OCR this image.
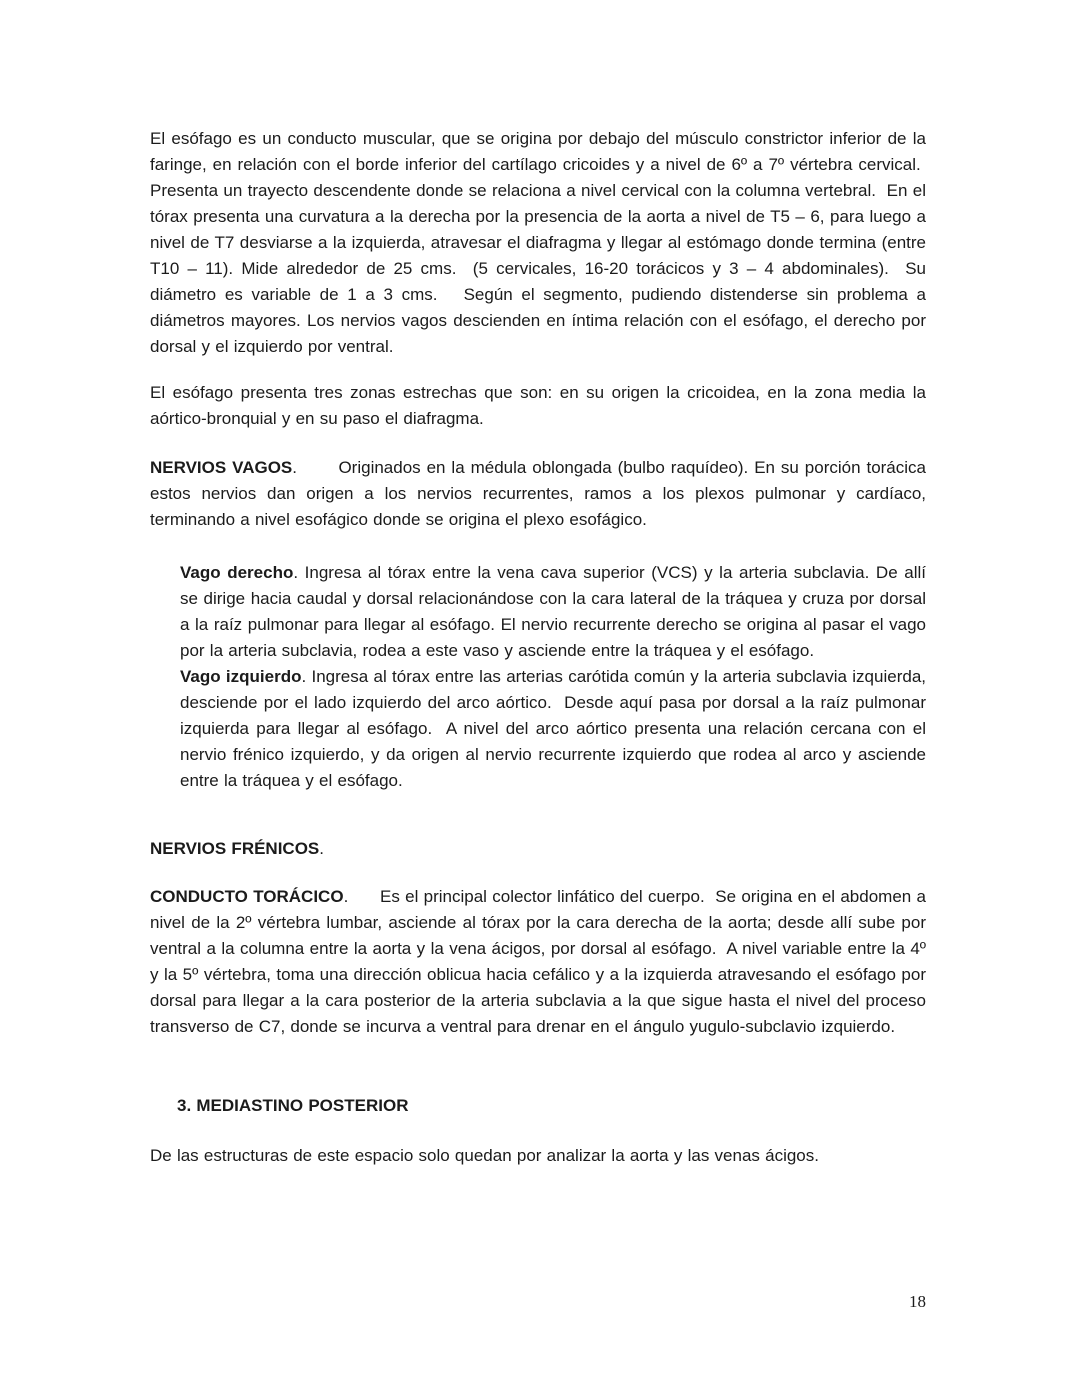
El esófago es un conducto muscular, que se origina por debajo del músculo constrictor inferior de la faringe, en relación con el borde inferior del cartílago cricoides y a nivel de 6º a 7º vértebra cervical.  Presenta un trayecto descendente donde se relaciona a nivel cervical con la columna vertebral.  En el tórax presenta una curvatura a la derecha por la presencia de la aorta a nivel de T5 – 6, para luego a nivel de T7 desviarse a la izquierda, atravesar el diafragma y llegar al estómago donde termina (entre T10 – 11). Mide alrededor de 25 cms.  (5 cervicales, 16-20 torácicos y 3 – 4 abdominales).  Su diámetro es variable de 1 a 3 cms.   Según el segmento, pudiendo distenderse sin problema a diámetros mayores. Los nervios vagos descienden en íntima relación con el esófago, el derecho por dorsal y el izquierdo por ventral.

El esófago presenta tres zonas estrechas que son: en su origen la cricoidea, en la zona media la aórtico-bronquial y en su paso el diafragma.

NERVIOS VAGOS.       Originados en la médula oblongada (bulbo raquídeo). En su porción torácica estos nervios dan origen a los nervios recurrentes, ramos a los plexos pulmonar y cardíaco, terminando a nivel esofágico donde se origina el plexo esofágico.

Vago derecho. Ingresa al tórax entre la vena cava superior (VCS) y la arteria subclavia. De allí se dirige hacia caudal y dorsal relacionándose con la cara lateral de la tráquea y cruza por dorsal a la raíz pulmonar para llegar al esófago. El nervio recurrente derecho se origina al pasar el vago por la arteria subclavia, rodea a este vaso y asciende entre la tráquea y el esófago.

Vago izquierdo. Ingresa al tórax entre las arterias carótida común y la arteria subclavia izquierda, desciende por el lado izquierdo del arco aórtico.  Desde aquí pasa por dorsal a la raíz pulmonar izquierda para llegar al esófago.  A nivel del arco aórtico presenta una relación cercana con el nervio frénico izquierdo, y da origen al nervio recurrente izquierdo que rodea al arco y asciende entre la tráquea y el esófago.

NERVIOS FRÉNICOS.

CONDUCTO TORÁCICO.      Es el principal colector linfático del cuerpo.  Se origina en el abdomen a nivel de la 2º vértebra lumbar, asciende al tórax por la cara derecha de la aorta; desde allí sube por ventral a la columna entre la aorta y la vena ácigos, por dorsal al esófago.  A nivel variable entre la 4º y la 5º vértebra, toma una dirección oblicua hacia cefálico y a la izquierda atravesando el esófago por dorsal para llegar a la cara posterior de la arteria subclavia a la que sigue hasta el nivel del proceso transverso de C7, donde se incurva a ventral para drenar en el ángulo yugulo-subclavio izquierdo.

3. MEDIASTINO POSTERIOR

De las estructuras de este espacio solo quedan por analizar la aorta y las venas ácigos.

18
